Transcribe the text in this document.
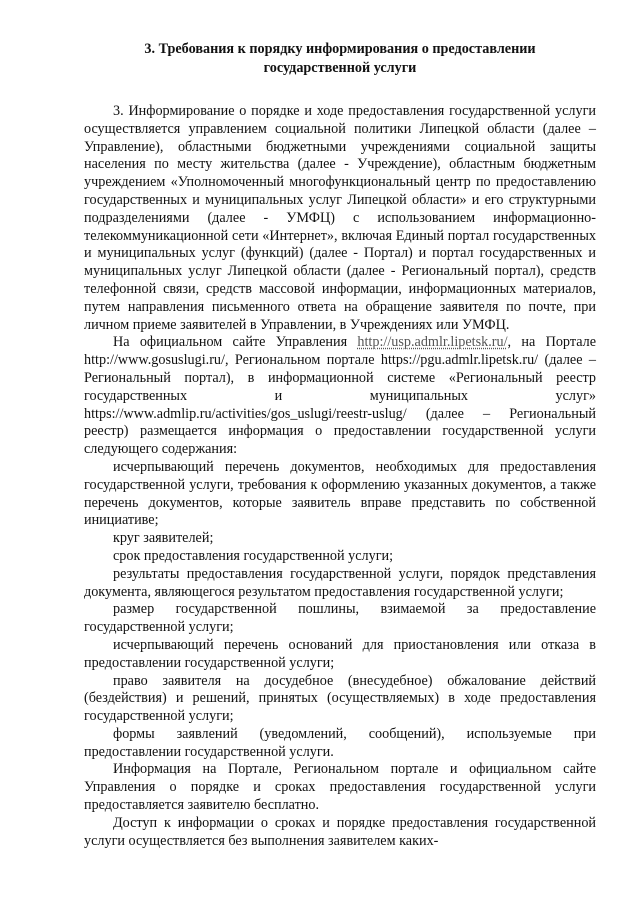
3. Требования к порядку информирования о предоставлении
государственной услуги

3. Информирование о порядке и ходе предоставления государственной услуги осуществляется управлением социальной политики Липецкой области (далее – Управление), областными бюджетными учреждениями социальной защиты населения по месту жительства (далее - Учреждение), областным бюджетным учреждением «Уполномоченный многофункциональный центр по предоставлению государственных и муниципальных услуг Липецкой области» и его структурными подразделениями (далее - УМФЦ) с использованием информационно-телекоммуникационной сети «Интернет», включая Единый портал государственных и муниципальных услуг (функций) (далее - Портал) и портал государственных и муниципальных услуг Липецкой области (далее - Региональный портал), средств телефонной связи, средств массовой информации, информационных материалов, путем направления письменного ответа на обращение заявителя по почте, при личном приеме заявителей в Управлении, в Учреждениях или УМФЦ.

На официальном сайте Управления http://usp.admlr.lipetsk.ru/, на Портале http://www.gosuslugi.ru/, Региональном портале https://pgu.admlr.lipetsk.ru/ (далее – Региональный портал), в информационной системе «Региональный реестр государственных и муниципальных услуг» https://www.admlip.ru/activities/gos_uslugi/reestr-uslug/ (далее – Региональный реестр) размещается информация о предоставлении государственной услуги следующего содержания:

исчерпывающий перечень документов, необходимых для предоставления государственной услуги, требования к оформлению указанных документов, а также перечень документов, которые заявитель вправе представить по собственной инициативе;

круг заявителей;

срок предоставления государственной услуги;

результаты предоставления государственной услуги, порядок представления документа, являющегося результатом предоставления государственной услуги;

размер государственной пошлины, взимаемой за предоставление государственной услуги;

исчерпывающий перечень оснований для приостановления или отказа в предоставлении государственной услуги;

право заявителя на досудебное (внесудебное) обжалование действий (бездействия) и решений, принятых (осуществляемых) в ходе предоставления государственной услуги;

формы заявлений (уведомлений, сообщений), используемые при предоставлении государственной услуги.

Информация на Портале, Региональном портале и официальном сайте Управления о порядке и сроках предоставления государственной услуги предоставляется заявителю бесплатно.

Доступ к информации о сроках и порядке предоставления государственной услуги осуществляется без выполнения заявителем каких-
